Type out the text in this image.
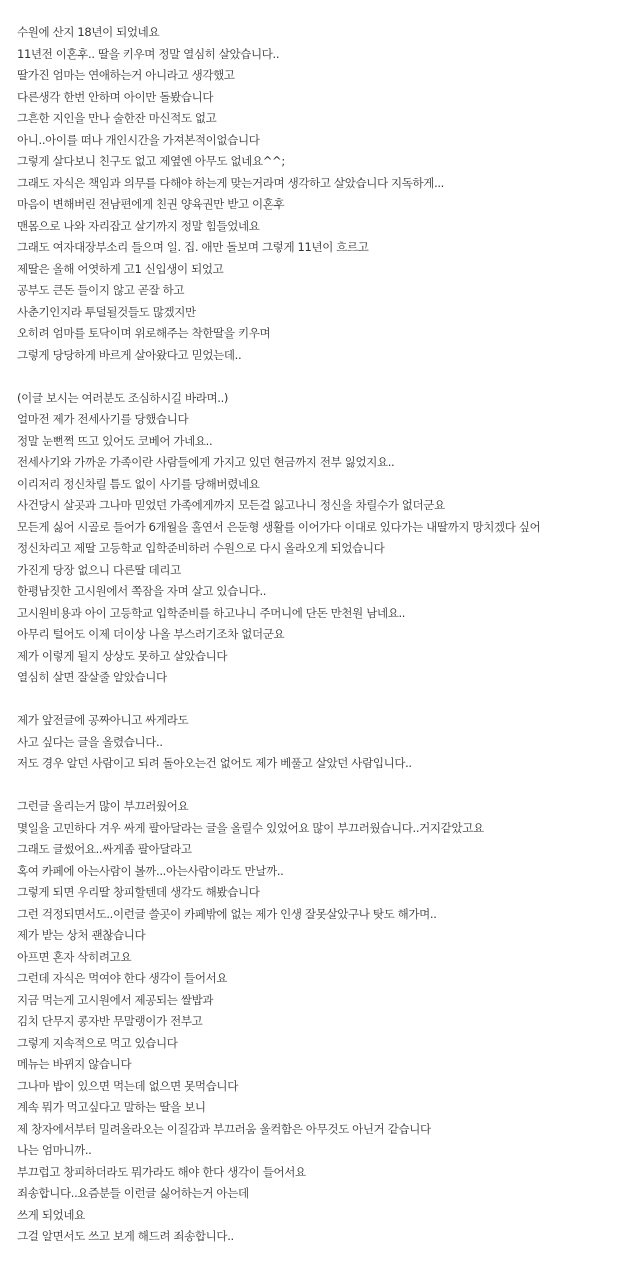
수원에 산지 18년이 되었네요
11년전 이혼후.. 딸을 키우며 정말 열심히 살았습니다..
딸가진 엄마는 연애하는거 아니라고 생각했고
다른생각 한번 안하며 아이만 돌봤습니다
그흔한 지인을 만나 술한잔 마신적도 없고
아니..아이를 떠나 개인시간을 가져본적이없습니다
그렇게 살다보니 친구도 없고 제옆엔 아무도 없네요^^;
그래도 자식은 책임과 의무를 다해야 하는게 맞는거라며 생각하고 살았습니다 지독하게...
마음이 변해버린 전남편에게 친권 양육권만 받고 이혼후
맨몸으로 나와 자리잡고 살기까지 정말 힘들었네요
그래도 여자대장부소리 들으며 일. 집. 애만 돌보며 그렇게 11년이 흐르고
제딸은 올해 어엿하게 고1 신입생이 되었고
공부도 큰돈 들이지 않고 곧잘 하고
사춘기인지라 투덜될것들도 많겠지만
오히려 엄마를 토닥이며 위로해주는 착한딸을 키우며
그렇게 당당하게 바르게 살아왔다고 믿었는데..
(이글 보시는 여러분도 조심하시길 바라며..)
얼마전 제가 전세사기를 당했습니다
정말 눈뻔쩍 뜨고 있어도 코베어 가네요..
전세사기와 가까운 가족이란 사람들에게 가지고 있던 현금까지 전부 잃었지요..
이리저리 정신차릴 틈도 없이 사기를 당해버렸네요
사건당시 살곳과 그나마 믿었던 가족에게까지 모든걸 잃고나니 정신을 차릴수가 없더군요
모든게 싫어 시골로 들어가 6개월을 홀연서 은둔형 생활를 이어가다 이대로 있다가는 내딸까지 망치겠다 싶어
정신차리고 제딸 고등학교 입학준비하러 수원으로 다시 올라오게 되었습니다
가진게 당장 없으니 다른딸 데리고
한평남짓한 고시원에서 쪽잠을 자며 살고 있습니다..
고시원비용과 아이 고등학교 입학준비를 하고나니 주머니에 단돈 만천원 남네요..
아무리 털어도 이제 더이상 나올 부스러기조차 없더군요
제가 이렇게 될지 상상도 못하고 살았습니다
열심히 살면 잘살줄 알았습니다
제가 앞전글에 공짜아니고 싸게라도
사고 싶다는 글을 올렸습니다..
저도 경우 알던 사람이고 되려 돌아오는건 없어도 제가 베풀고 살았던 사람입니다..
그런글 올리는거 많이 부끄러웠어요
몇일을 고민하다 겨우 싸게 팔아달라는 글을 올릴수 있었어요 많이 부끄러웠습니다..거지같았고요
그래도 글썼어요..싸게좀 팔아달라고
혹여 카페에 아는사람이 볼까...아는사람이라도 만날까..
그렇게 되면 우리딸 창피할텐데 생각도 해봤습니다
그런 걱정되면서도..이런글 쓸곳이 카페밖에 없는 제가 인생 잘못살았구나 탓도 해가며..
제가 받는 상처 괜찮습니다
아프면 혼자 삭히려고요
그런데 자식은 먹여야 한다 생각이 들어서요
지금 먹는게 고시원에서 제공되는 쌀밥과
김치 단무지 콩자반 무말랭이가 전부고
그렇게 지속적으로 먹고 있습니다
메뉴는 바뀌지 않습니다
그나마 밥이 있으면 먹는데 없으면 못먹습니다
계속 뭐가 먹고싶다고 말하는 딸을 보니
제 창자에서부터 밀려올라오는 이질감과 부끄러움 울컥함은 아무것도 아닌거 같습니다
나는 엄마니까..
부끄럽고 창피하더라도 뭐가라도 해야 한다 생각이 들어서요
죄송합니다..요즘분들 이런글 싫어하는거 아는데
쓰게 되었네요
그걸 알면서도 쓰고 보게 해드려 죄송합니다..
